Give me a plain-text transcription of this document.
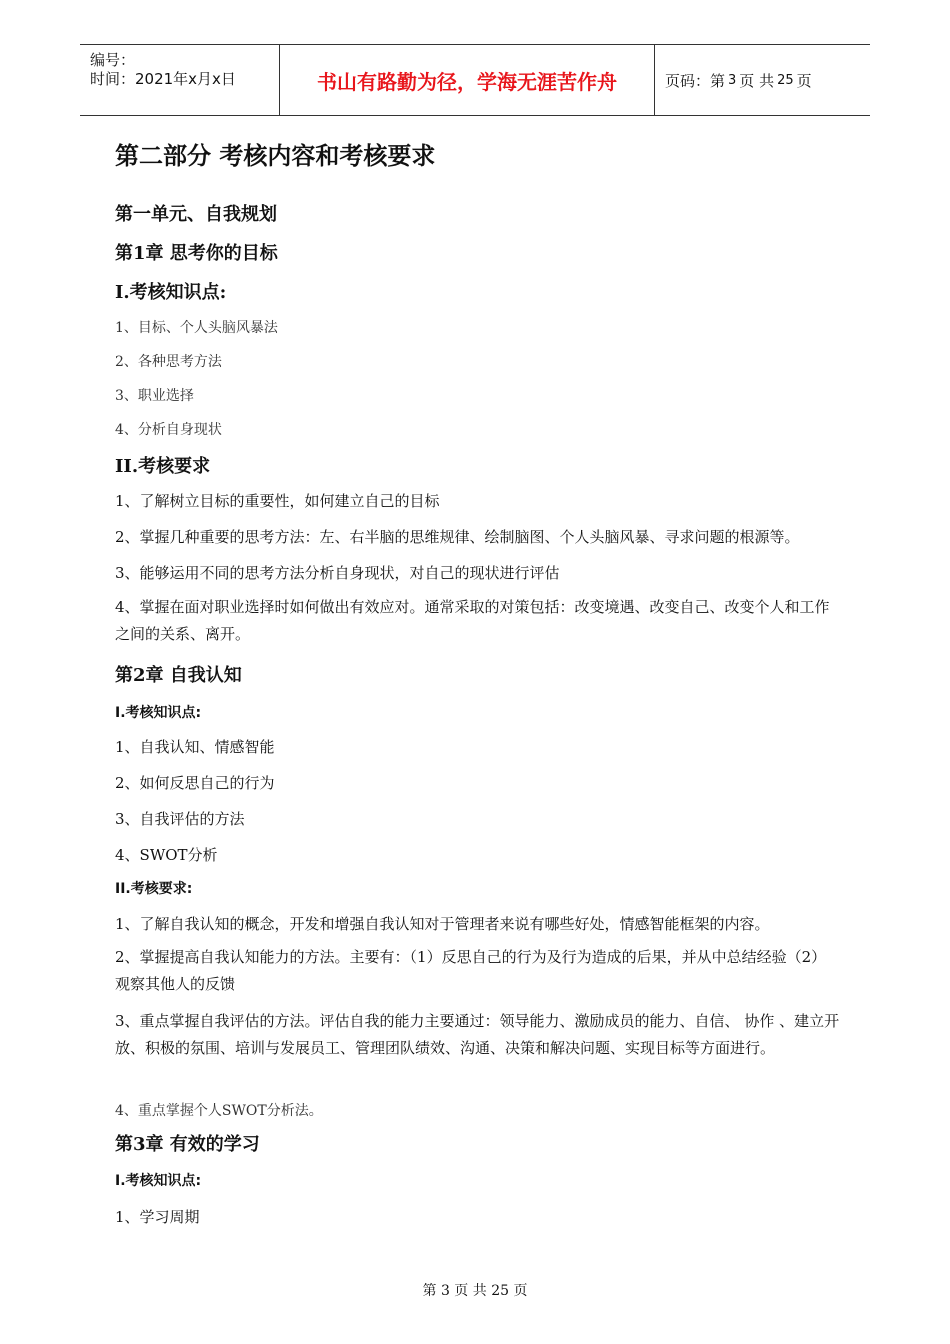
编号：
时间：2021年x月x日	书山有路勤为径，学海无涯苦作舟	页码：第 3 页 共 25 页
第二部分 考核内容和考核要求
第一单元、自我规划
第1章 思考你的目标
I.考核知识点:
1、目标、个人头脑风暴法
2、各种思考方法
3、职业选择
4、分析自身现状
II.考核要求
1、了解树立目标的重要性，如何建立自己的目标
2、掌握几种重要的思考方法：左、右半脑的思维规律、绘制脑图、个人头脑风暴、寻求问题的根源等。
3、能够运用不同的思考方法分析自身现状，对自己的现状进行评估
4、掌握在面对职业选择时如何做出有效应对。通常采取的对策包括：改变境遇、改变自己、改变个人和工作之间的关系、离开。
第2章 自我认知
I.考核知识点:
1、自我认知、情感智能
2、如何反思自己的行为
3、自我评估的方法
4、SWOT分析
II.考核要求:
1、了解自我认知的概念，开发和增强自我认知对于管理者来说有哪些好处，情感智能框架的内容。
2、掌握提高自我认知能力的方法。主要有：（1）反思自己的行为及行为造成的后果，并从中总结经验（2）观察其他人的反馈
3、重点掌握自我评估的方法。评估自我的能力主要通过：领导能力、激励成员的能力、自信、 协作 、建立开放、积极的氛围、培训与发展员工、管理团队绩效、沟通、决策和解决问题、实现目标等方面进行。
4、重点掌握个人SWOT分析法。
第3章 有效的学习
I.考核知识点:
1、学习周期
第 3 页 共 25 页
